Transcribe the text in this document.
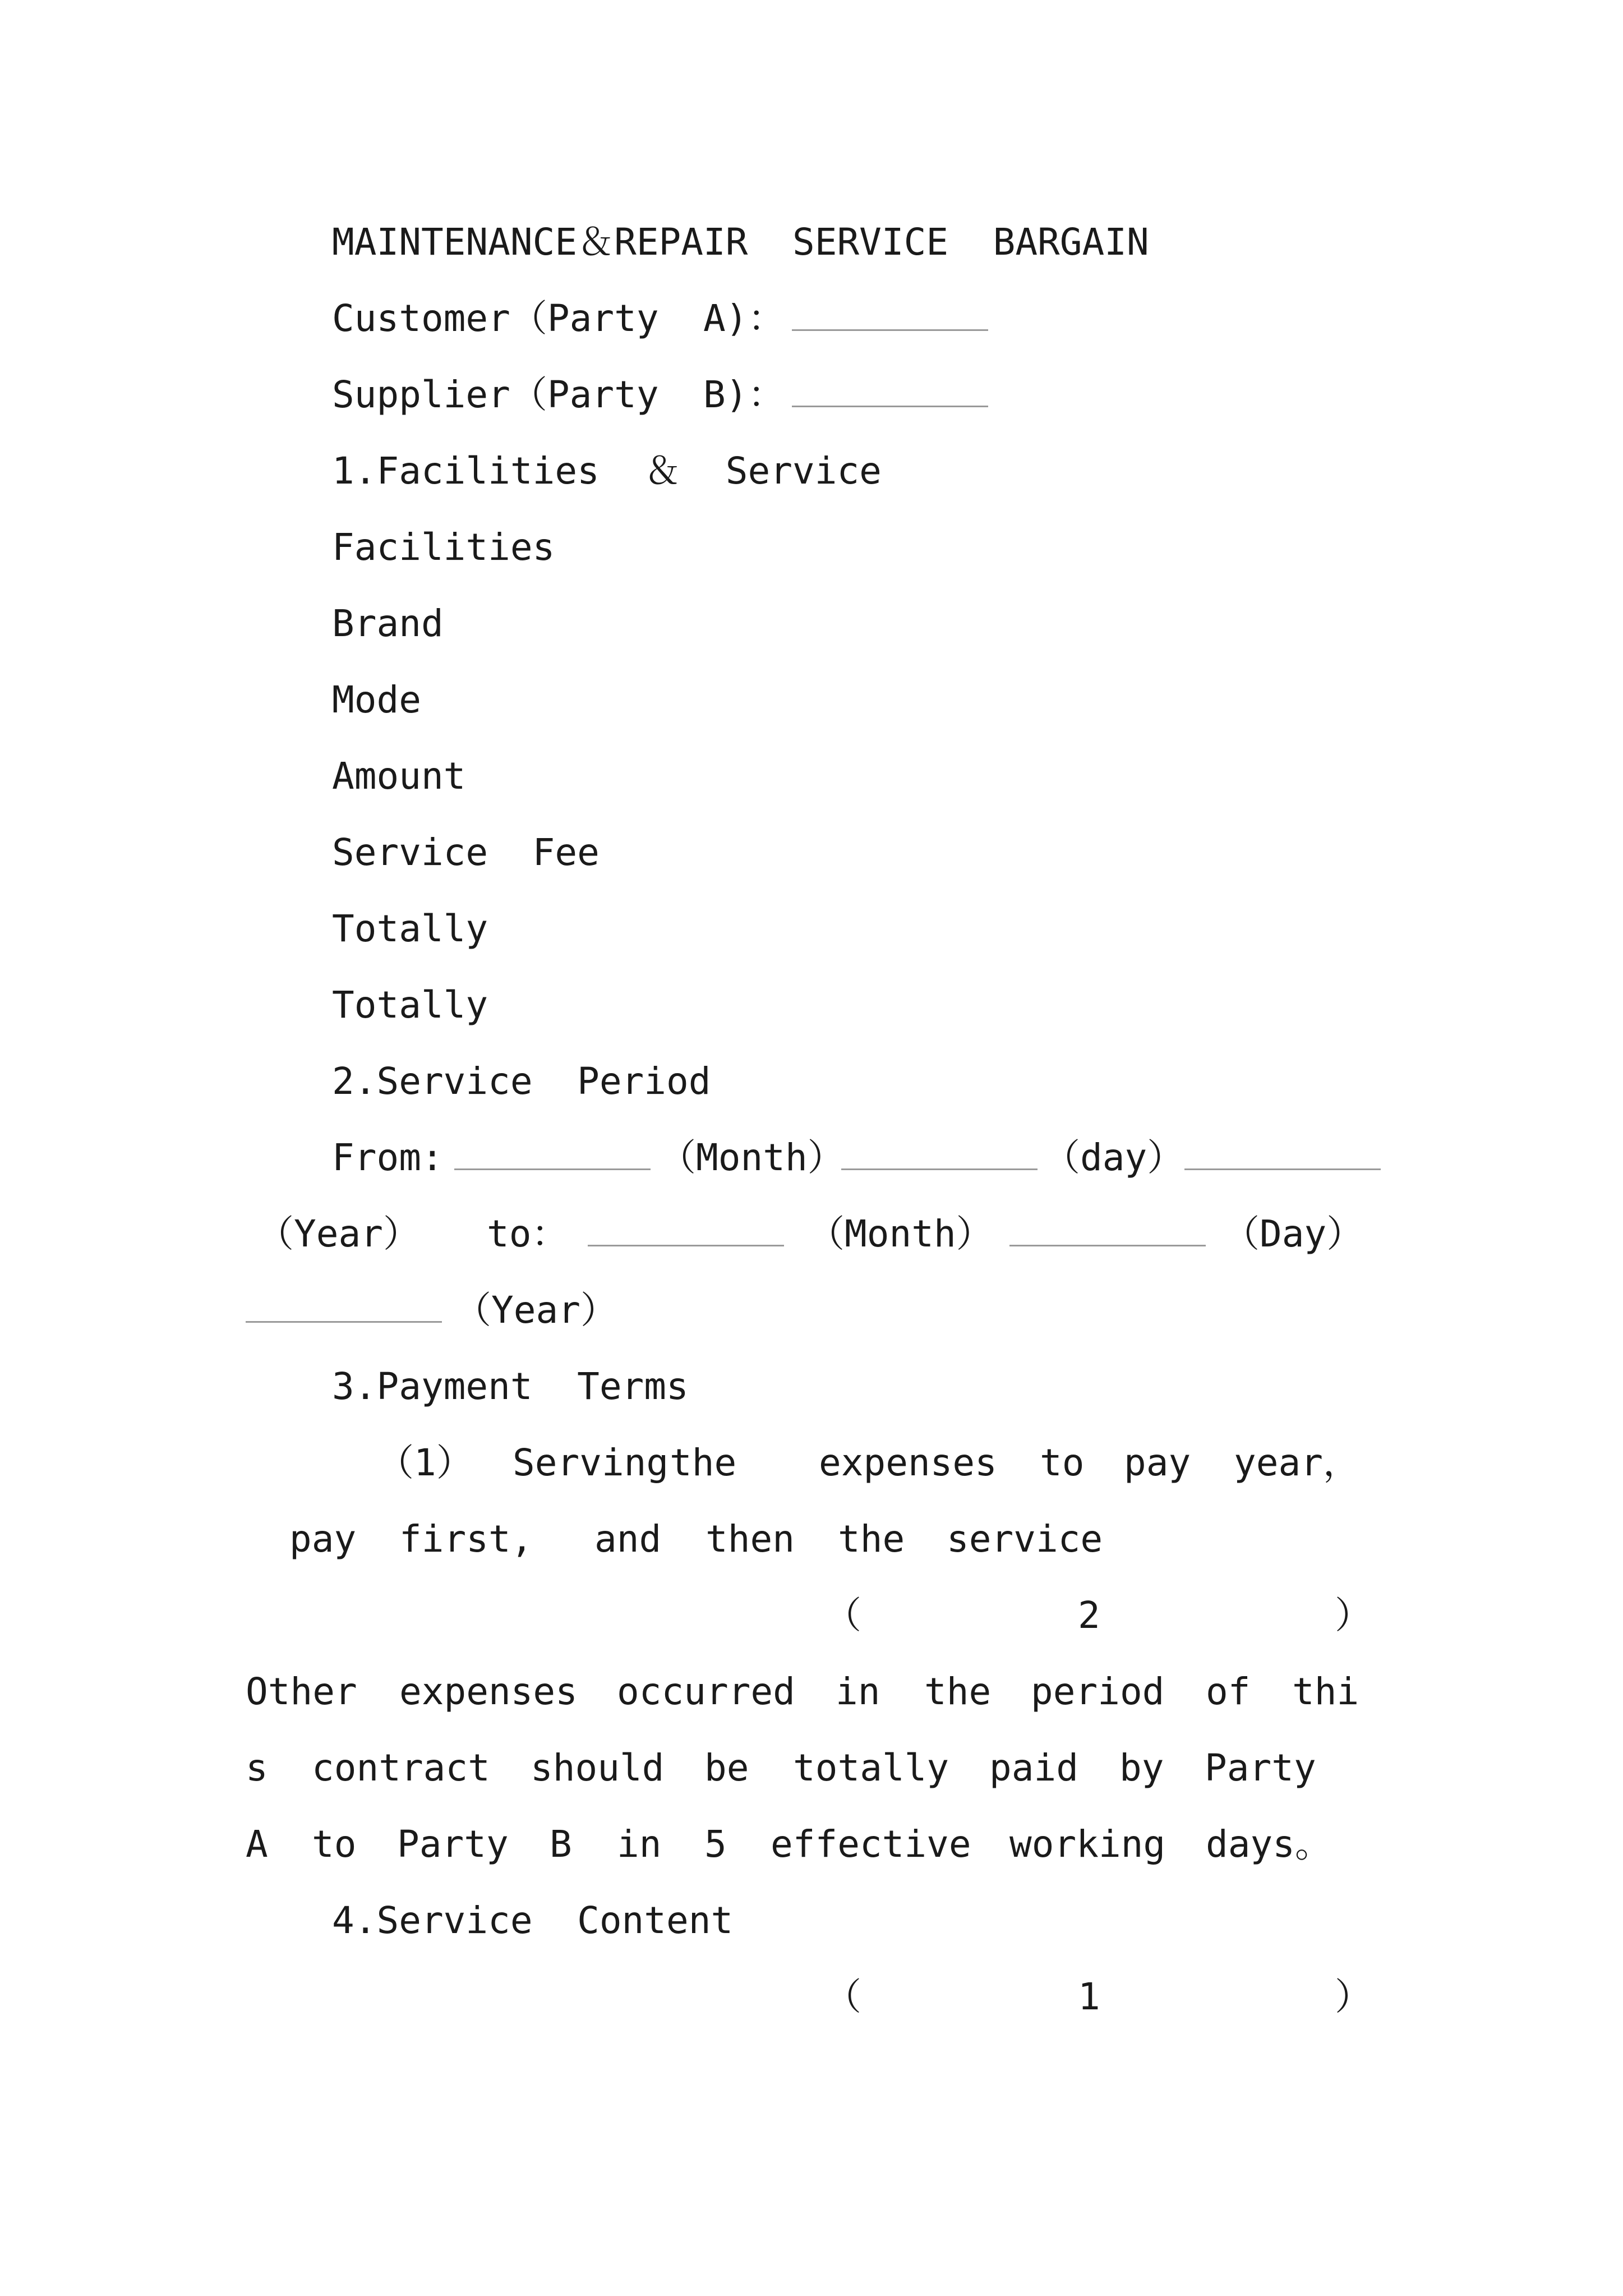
MAINTENANCE＆REPAIR  SERVICE  BARGAIN

Customer（Party  A)：

Supplier（Party  B)：

1.Facilities  ＆  Service
Facilities
Brand
Mode
Amount
Service  Fee
Totally
Totally
2.Service  Period

From:

	（Month）

	（day）

（Year）

to：

	（Month）

	（Day）

（Year）

3.Payment  Terms

（1）

Serving

the

expenses

to

pay

year，

pay

first,

and

then

the

service

（

	2

	）

Other

expenses

occurred

in

the

period

of

thi

s

contract

should

be

totally

paid

by

Party

A

to

Party

B

in

5

effective

working

days。

4.Service  Content

（

	1

	）
